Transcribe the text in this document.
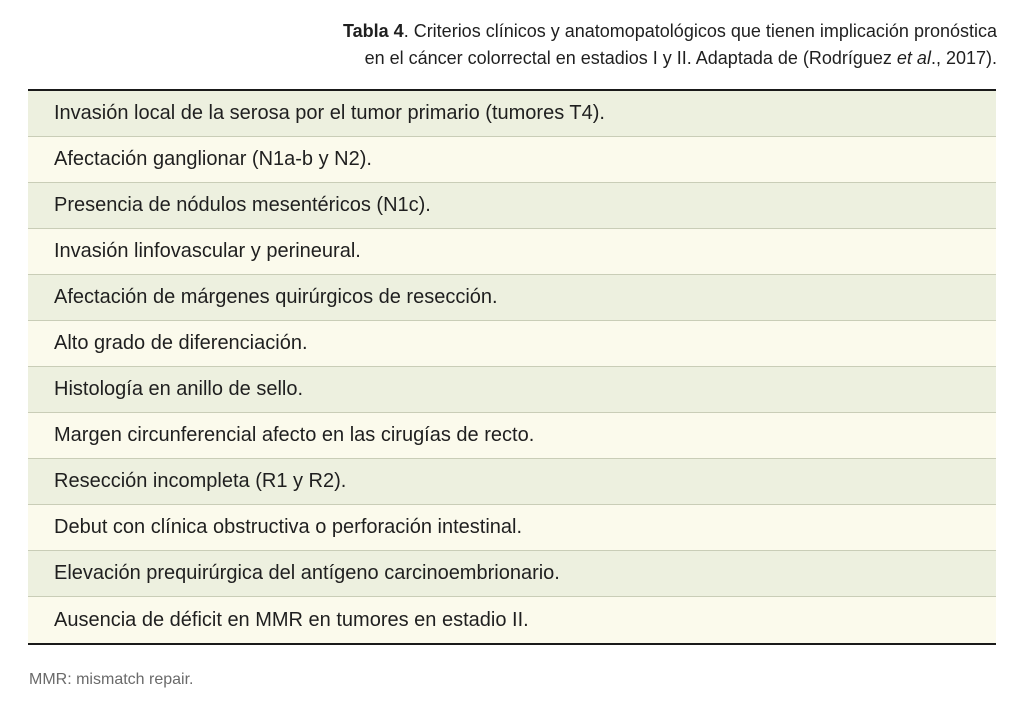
Tabla 4. Criterios clínicos y anatomopatológicos que tienen implicación pronóstica
en el cáncer colorrectal en estadios I y II. Adaptada de (Rodríguez et al., 2017).
Invasión local de la serosa por el tumor primario (tumores T4).
Afectación ganglionar (N1a-b y N2).
Presencia de nódulos mesentéricos (N1c).
Invasión linfovascular y perineural.
Afectación de márgenes quirúrgicos de resección.
Alto grado de diferenciación.
Histología en anillo de sello.
Margen circunferencial afecto en las cirugías de recto.
Resección incompleta (R1 y R2).
Debut con clínica obstructiva o perforación intestinal.
Elevación prequirúrgica del antígeno carcinoembrionario.
Ausencia de déficit en MMR en tumores en estadio II.
MMR: mismatch repair.
